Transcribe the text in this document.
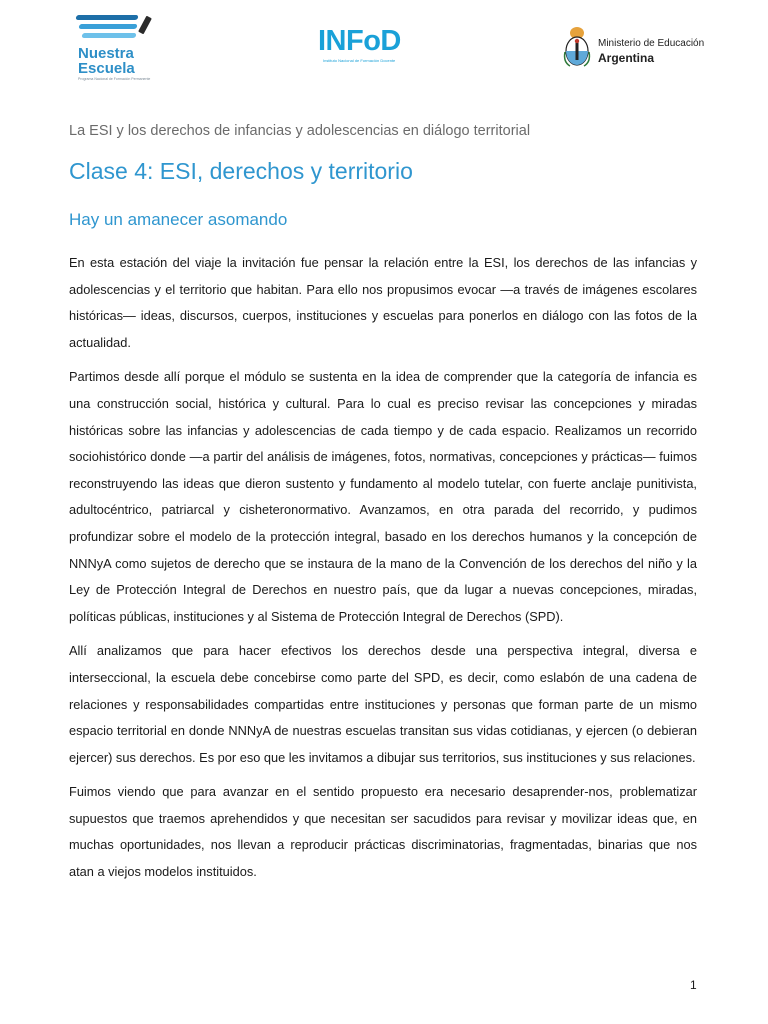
Nuestra
Escuela
Programa Nacional de Formación Permanente
INFoD
Instituto Nacional de Formación Docente
Ministerio de Educación
Argentina
La ESI y los derechos de infancias y adolescencias en diálogo territorial
Clase 4: ESI, derechos y territorio
Hay un amanecer asomando

En esta estación del viaje la invitación fue pensar la relación entre la ESI, los derechos de las infancias y adolescencias y el territorio que habitan. Para ello nos propusimos evocar —a través de imágenes escolares históricas— ideas, discursos, cuerpos, instituciones y escuelas para ponerlos en diálogo con las fotos de la actualidad.

Partimos desde allí porque el módulo se sustenta en la idea de comprender que la categoría de infancia es una construcción social, histórica y cultural. Para lo cual es preciso revisar las concepciones y miradas históricas sobre las infancias y adolescencias de cada tiempo y de cada espacio. Realizamos un recorrido sociohistórico donde —a partir del análisis de imágenes, fotos, normativas, concepciones y prácticas— fuimos reconstruyendo las ideas que dieron sustento y fundamento al modelo tutelar, con fuerte anclaje punitivista, adultocéntrico, patriarcal y cisheteronormativo. Avanzamos, en otra parada del recorrido, y pudimos profundizar sobre el modelo de la protección integral, basado en los derechos humanos y la concepción de NNNyA como sujetos de derecho que se instaura de la mano de la Convención de los derechos del niño y la Ley de Protección Integral de Derechos en nuestro país, que da lugar a nuevas concepciones, miradas, políticas públicas, instituciones y al Sistema de Protección Integral de Derechos (SPD).

Allí analizamos que para hacer efectivos los derechos desde una perspectiva integral, diversa e interseccional, la escuela debe concebirse como parte del SPD, es decir, como eslabón de una cadena de relaciones y responsabilidades compartidas entre instituciones y personas que forman parte de un mismo espacio territorial en donde NNNyA de nuestras escuelas transitan sus vidas cotidianas, y ejercen (o debieran ejercer) sus derechos. Es por eso que les invitamos a dibujar sus territorios, sus instituciones y sus relaciones.

Fuimos viendo que para avanzar en el sentido propuesto era necesario desaprender-nos, problematizar supuestos que traemos aprehendidos y que necesitan ser sacudidos para revisar y movilizar ideas que, en muchas oportunidades, nos llevan a reproducir prácticas discriminatorias, fragmentadas, binarias que nos atan a viejos modelos instituidos.

1
